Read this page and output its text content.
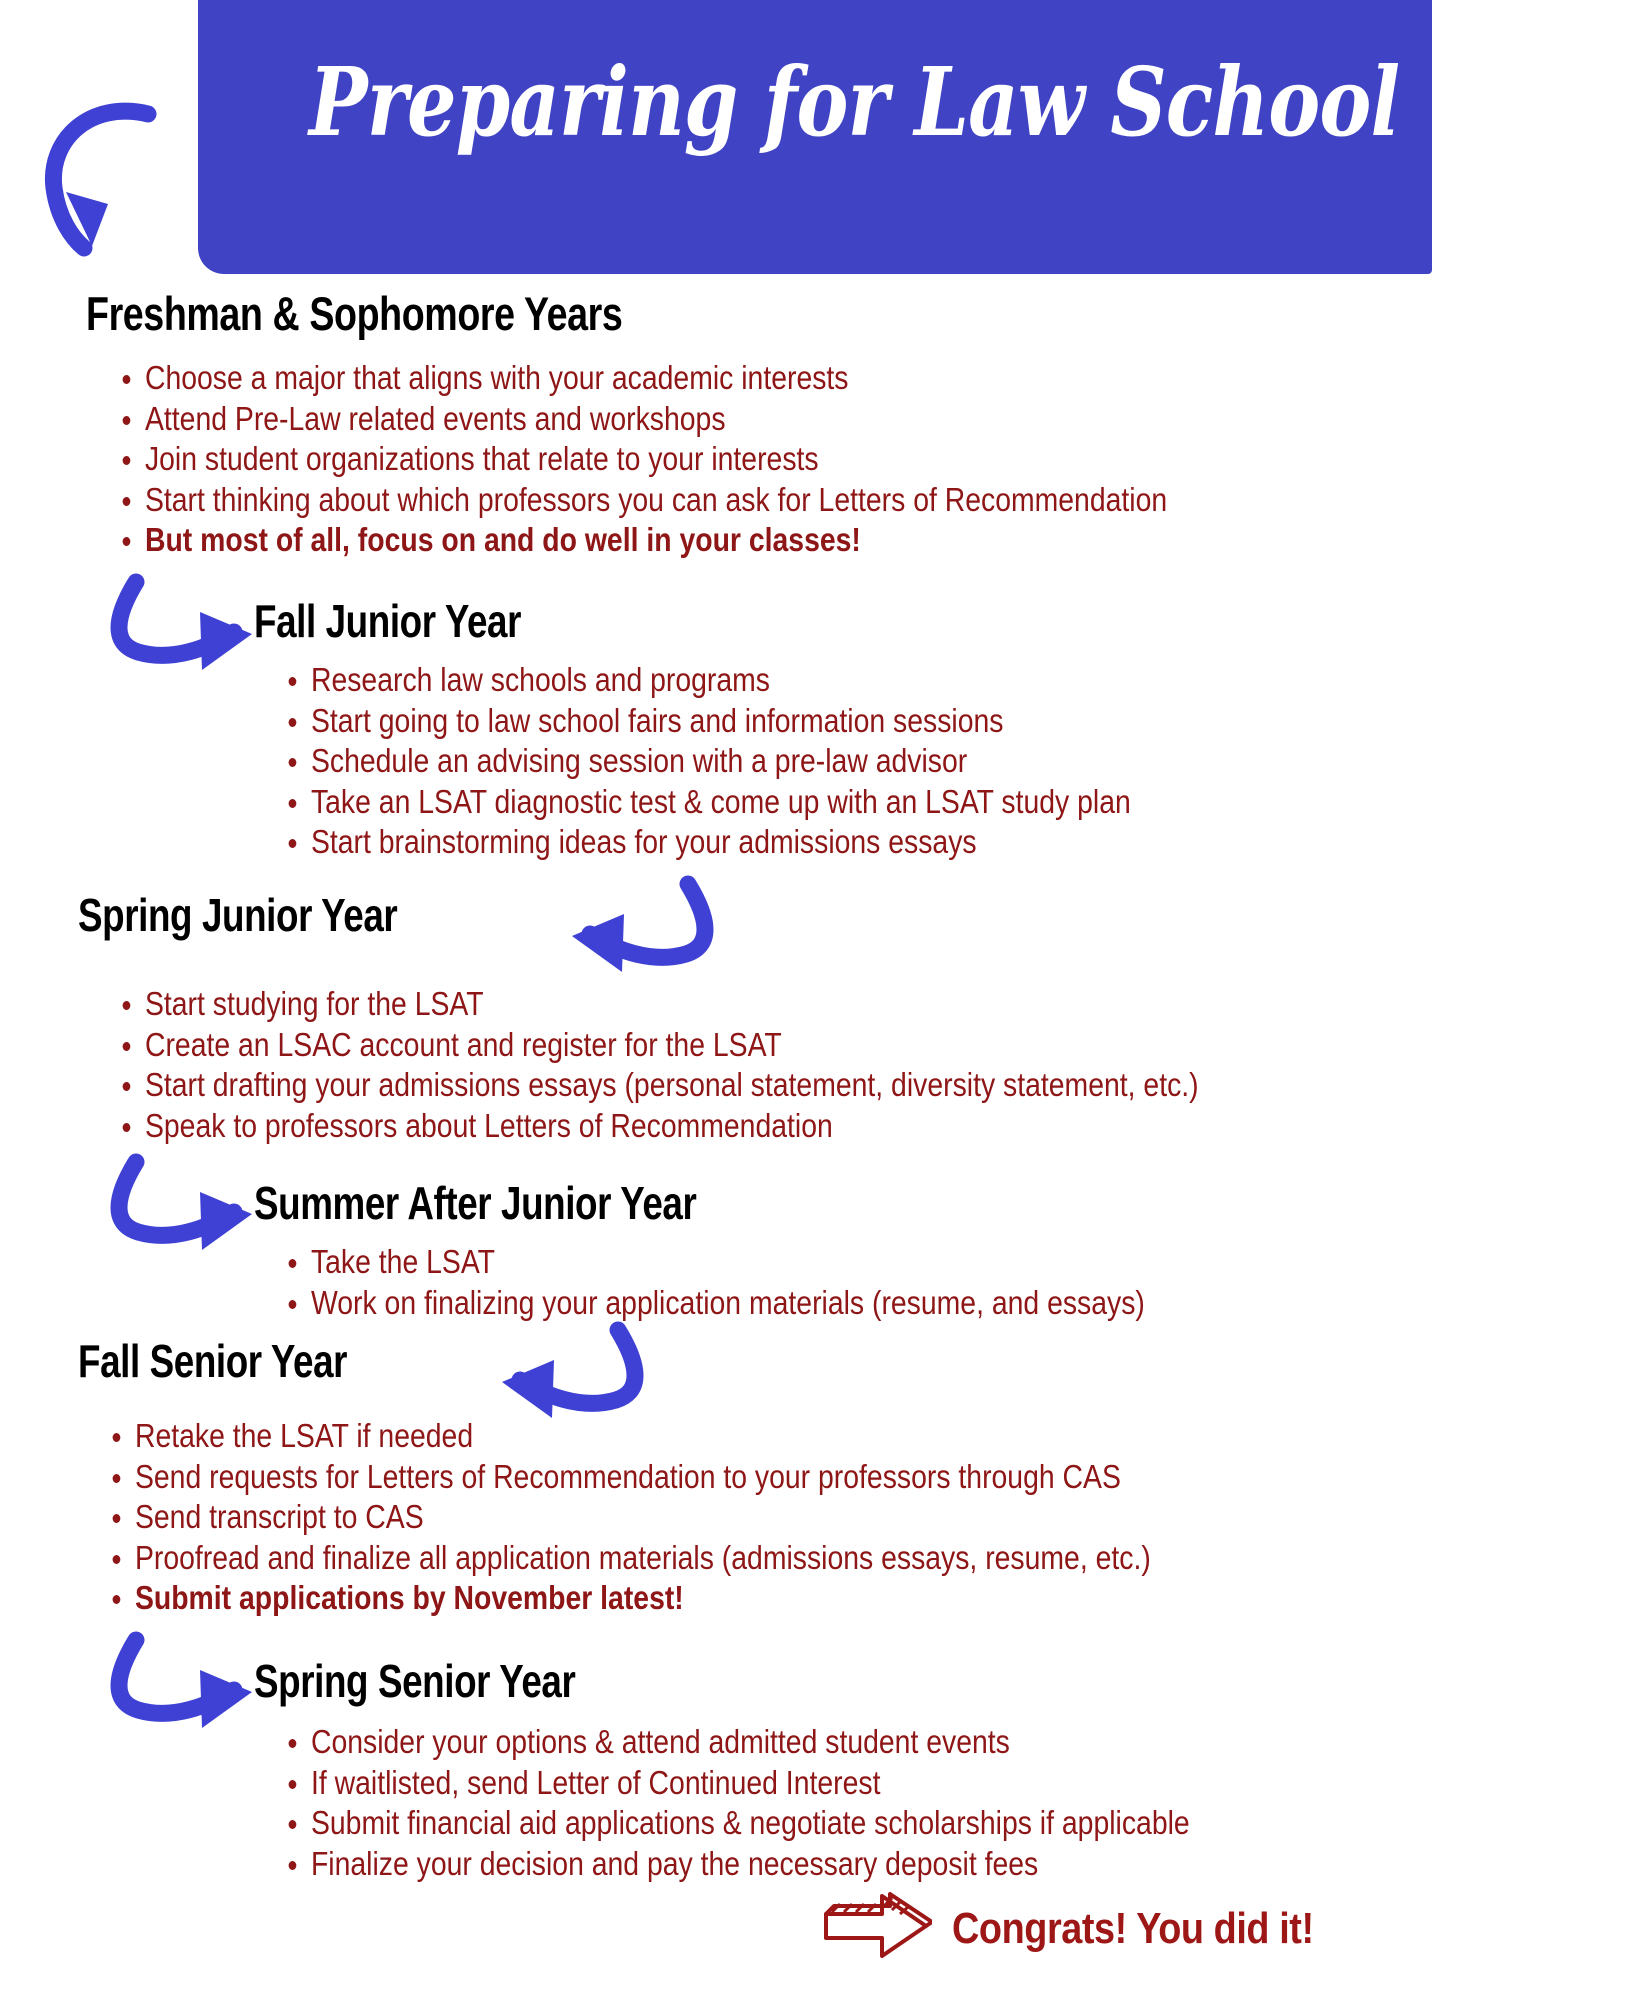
Preparing for Law School
Freshman & Sophomore Years
Choose a major that aligns with your academic interests
Attend Pre-Law related events and workshops
Join student organizations that relate to your interests
Start thinking about which professors you can ask for Letters of Recommendation
But most of all, focus on and do well in your classes!
Fall Junior Year
Research law schools and programs
Start going to law school fairs and information sessions
Schedule an advising session with a pre-law advisor
Take an LSAT diagnostic test & come up with an LSAT study plan
Start brainstorming ideas for your admissions essays
Spring Junior Year
Start studying for the LSAT
Create an LSAC account and register for the LSAT
Start drafting your admissions essays (personal statement, diversity statement, etc.)
Speak to professors about Letters of Recommendation
Summer After Junior Year
Take the LSAT
Work on finalizing your application materials (resume, and essays)
Fall Senior Year
Retake the LSAT if needed
Send requests for Letters of Recommendation to your professors through CAS
Send transcript to CAS
Proofread and finalize all application materials (admissions essays, resume, etc.)
Submit applications by November latest!
Spring Senior Year
Consider your options & attend admitted student events
If waitlisted, send Letter of Continued Interest
Submit financial aid applications & negotiate scholarships if applicable
Finalize your decision and pay the necessary deposit fees
Congrats! You did it!
